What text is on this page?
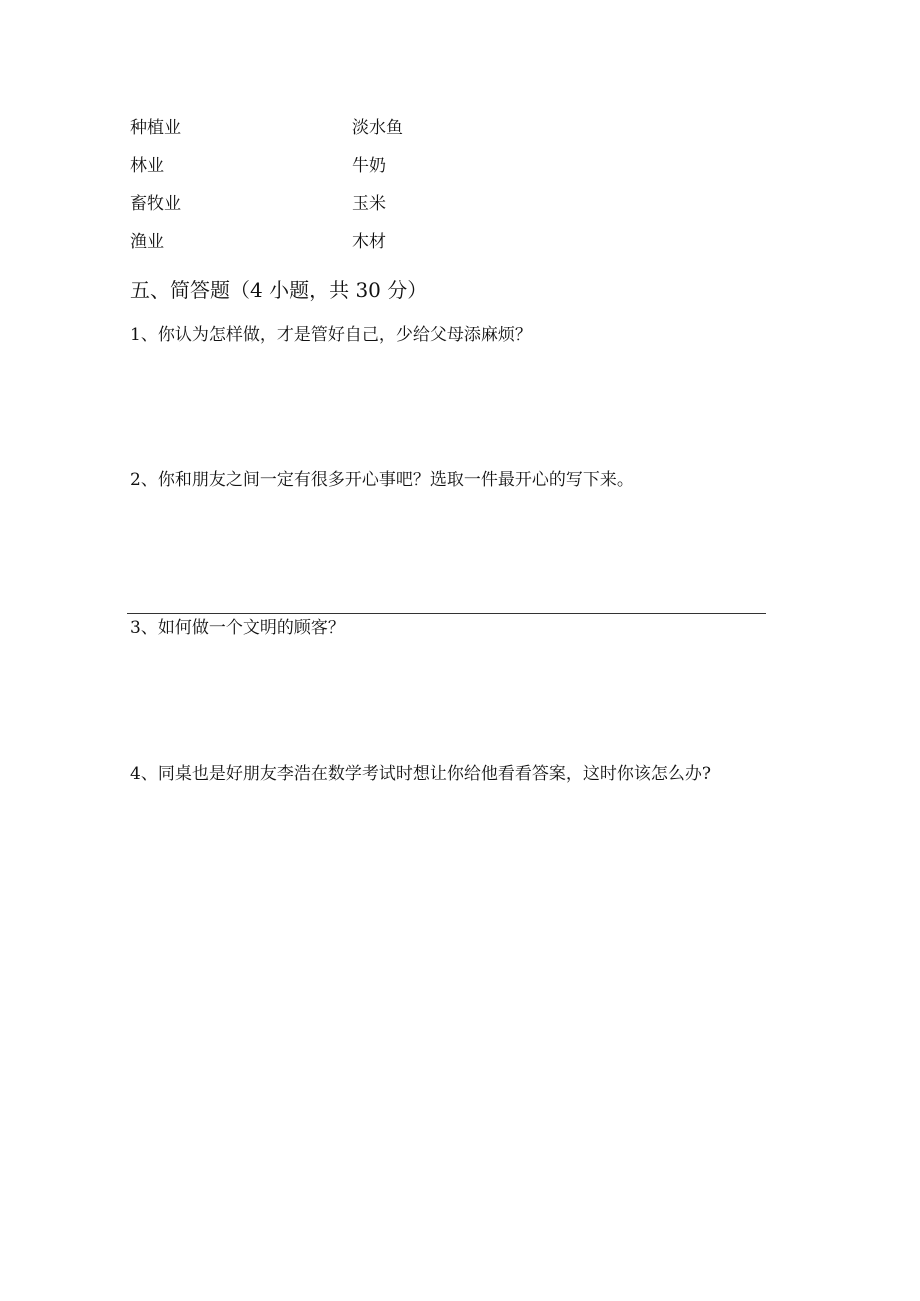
种植业	淡水鱼
林业	牛奶
畜牧业	玉米
渔业	木材
五、简答题（4 小题，共 30 分）
1、你认为怎样做，才是管好自己，少给父母添麻烦？
2、你和朋友之间一定有很多开心事吧？选取一件最开心的写下来。
3、如何做一个文明的顾客？
4、同桌也是好朋友李浩在数学考试时想让你给他看看答案，这时你该怎么办?
